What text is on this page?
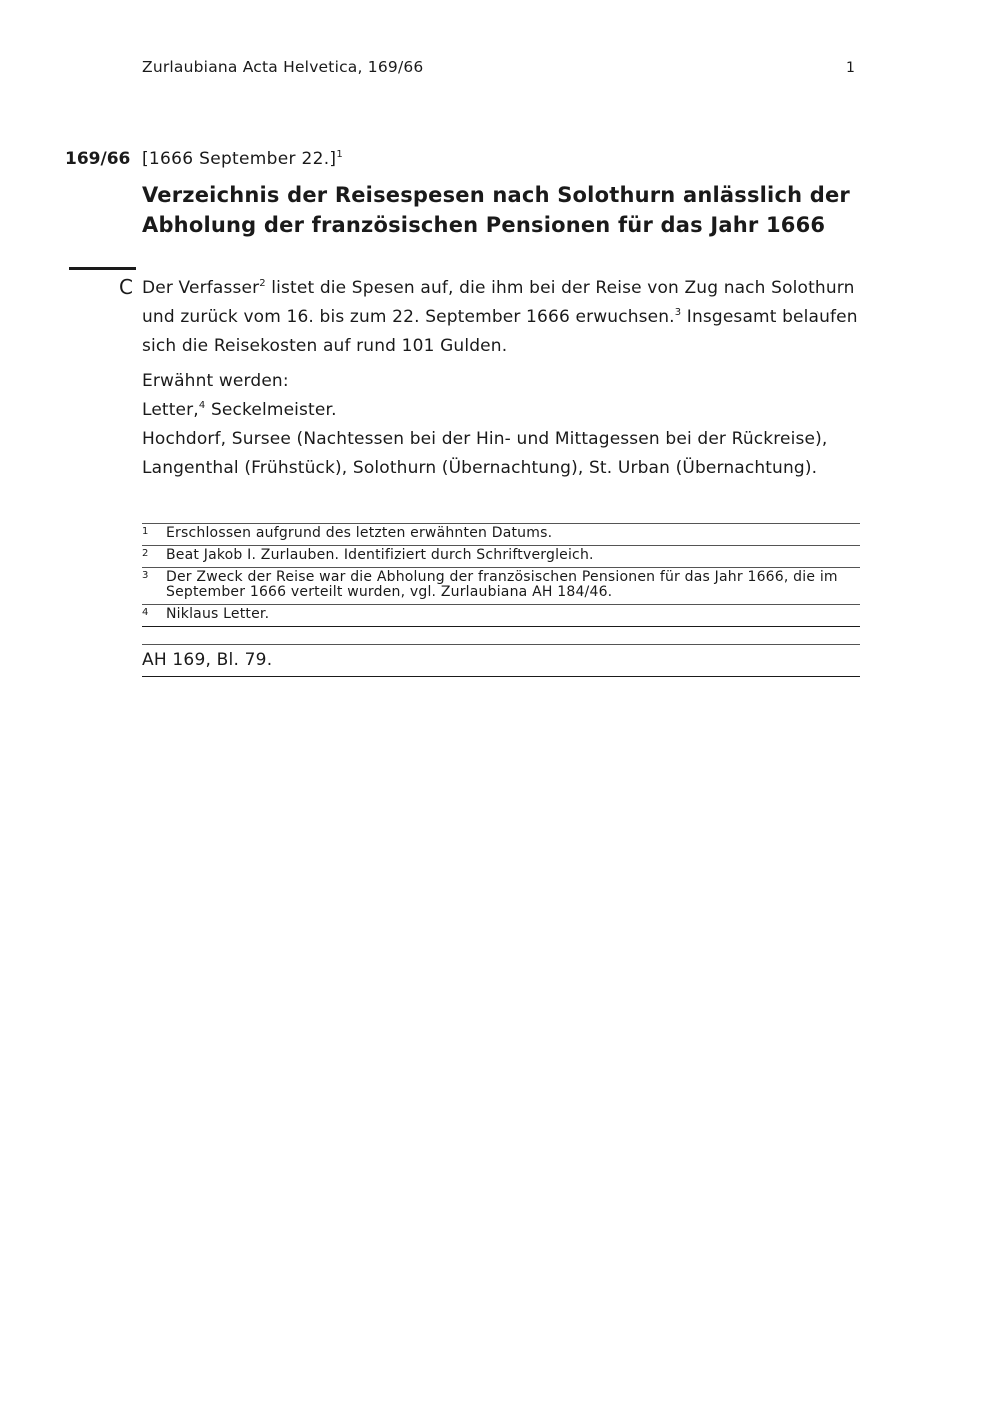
Zurlaubiana Acta Helvetica, 169/66	1
169/66 [1666 September 22.]$^1$
Verzeichnis der Reisespesen nach Solothurn anlässlich der Abholung der französischen Pensionen für das Jahr 1666
C Der Verfasser$^2$ listet die Spesen auf, die ihm bei der Reise von Zug nach Solothurn und zurück vom 16. bis zum 22. September 1666 erwuchsen.$^3$ Insgesamt belaufen sich die Reisekosten auf rund 101 Gulden.

Erwähnt werden:

Letter,$^4$ Seckelmeister.

Hochdorf, Sursee (Nachtessen bei der Hin- und Mittagessen bei der Rückreise), Langenthal (Frühstück), Solothurn (Übernachtung), St. Urban (Übernachtung).

1 Erschlossen aufgrund des letzten erwähnten Datums.
2 Beat Jakob I. Zurlauben. Identifiziert durch Schriftvergleich.
3 Der Zweck der Reise war die Abholung der französischen Pensionen für das Jahr 1666, die im September 1666 verteilt wurden, vgl. Zurlaubiana AH 184/46.
4 Niklaus Letter.
AH 169, Bl. 79.
